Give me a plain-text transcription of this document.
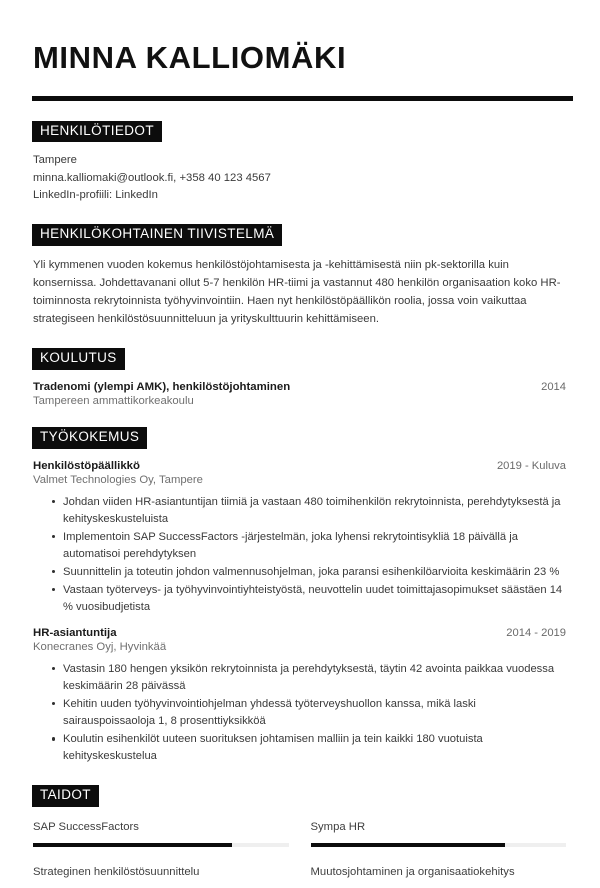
MINNA KALLIOMÄKI
HENKILÖTIEDOT
Tampere
minna.kalliomaki@outlook.fi, +358 40 123 4567
LinkedIn-profiili: LinkedIn
HENKILÖKOHTAINEN TIIVISTELMÄ
Yli kymmenen vuoden kokemus henkilöstöjohtamisesta ja -kehittämisestä niin pk-sektorilla kuin konsernissa. Johdettavanani ollut 5-7 henkilön HR-tiimi ja vastannut 480 henkilön organisaation koko HR-toiminnosta rekrytoinnista työhyvinvointiin. Haen nyt henkilöstöpäällikön roolia, jossa voin vaikuttaa strategiseen henkilöstösuunnitteluun ja yrityskulttuurin kehittämiseen.
KOULUTUS
Tradenomi (ylempi AMK), henkilöstöjohtaminen	2014
Tampereen ammattikorkeakoulu
TYÖKOKEMUS
Henkilöstöpäällikkö	2019 - Kuluva
Valmet Technologies Oy, Tampere
Johdan viiden HR-asiantuntijan tiimiä ja vastaan 480 toimihenkilön rekrytoinnista, perehdytyksestä ja kehityskeskusteluista
Implementoin SAP SuccessFactors -järjestelmän, joka lyhensi rekrytointisykliä 18 päivällä ja automatisoi perehdytyksen
Suunnittelin ja toteutin johdon valmennusohjelman, joka paransi esihenkilöarvioita keskimäärin 23 %
Vastaan työterveys- ja työhyvinvointiyhteistyöstä, neuvottelin uudet toimittajasopimukset säästäen 14 % vuosibudjetista
HR-asiantuntija	2014 - 2019
Konecranes Oyj, Hyvinkää
Vastasin 180 hengen yksikön rekrytoinnista ja perehdytyksestä, täytin 42 avointa paikkaa vuodessa keskimäärin 28 päivässä
Kehitin uuden työhyvinvointiohjelman yhdessä työterveyshuollon kanssa, mikä laski sairauspoissaoloja 1, 8 prosenttiyksikköä
Koulutin esihenkilöt uuteen suorituksen johtamisen malliin ja tein kaikki 180 vuotuista kehityskeskustelua
TAIDOT
SAP SuccessFactors	Sympa HR
Strateginen henkilöstösuunnittelu	Muutosjohtaminen ja organisaatiokehitys
